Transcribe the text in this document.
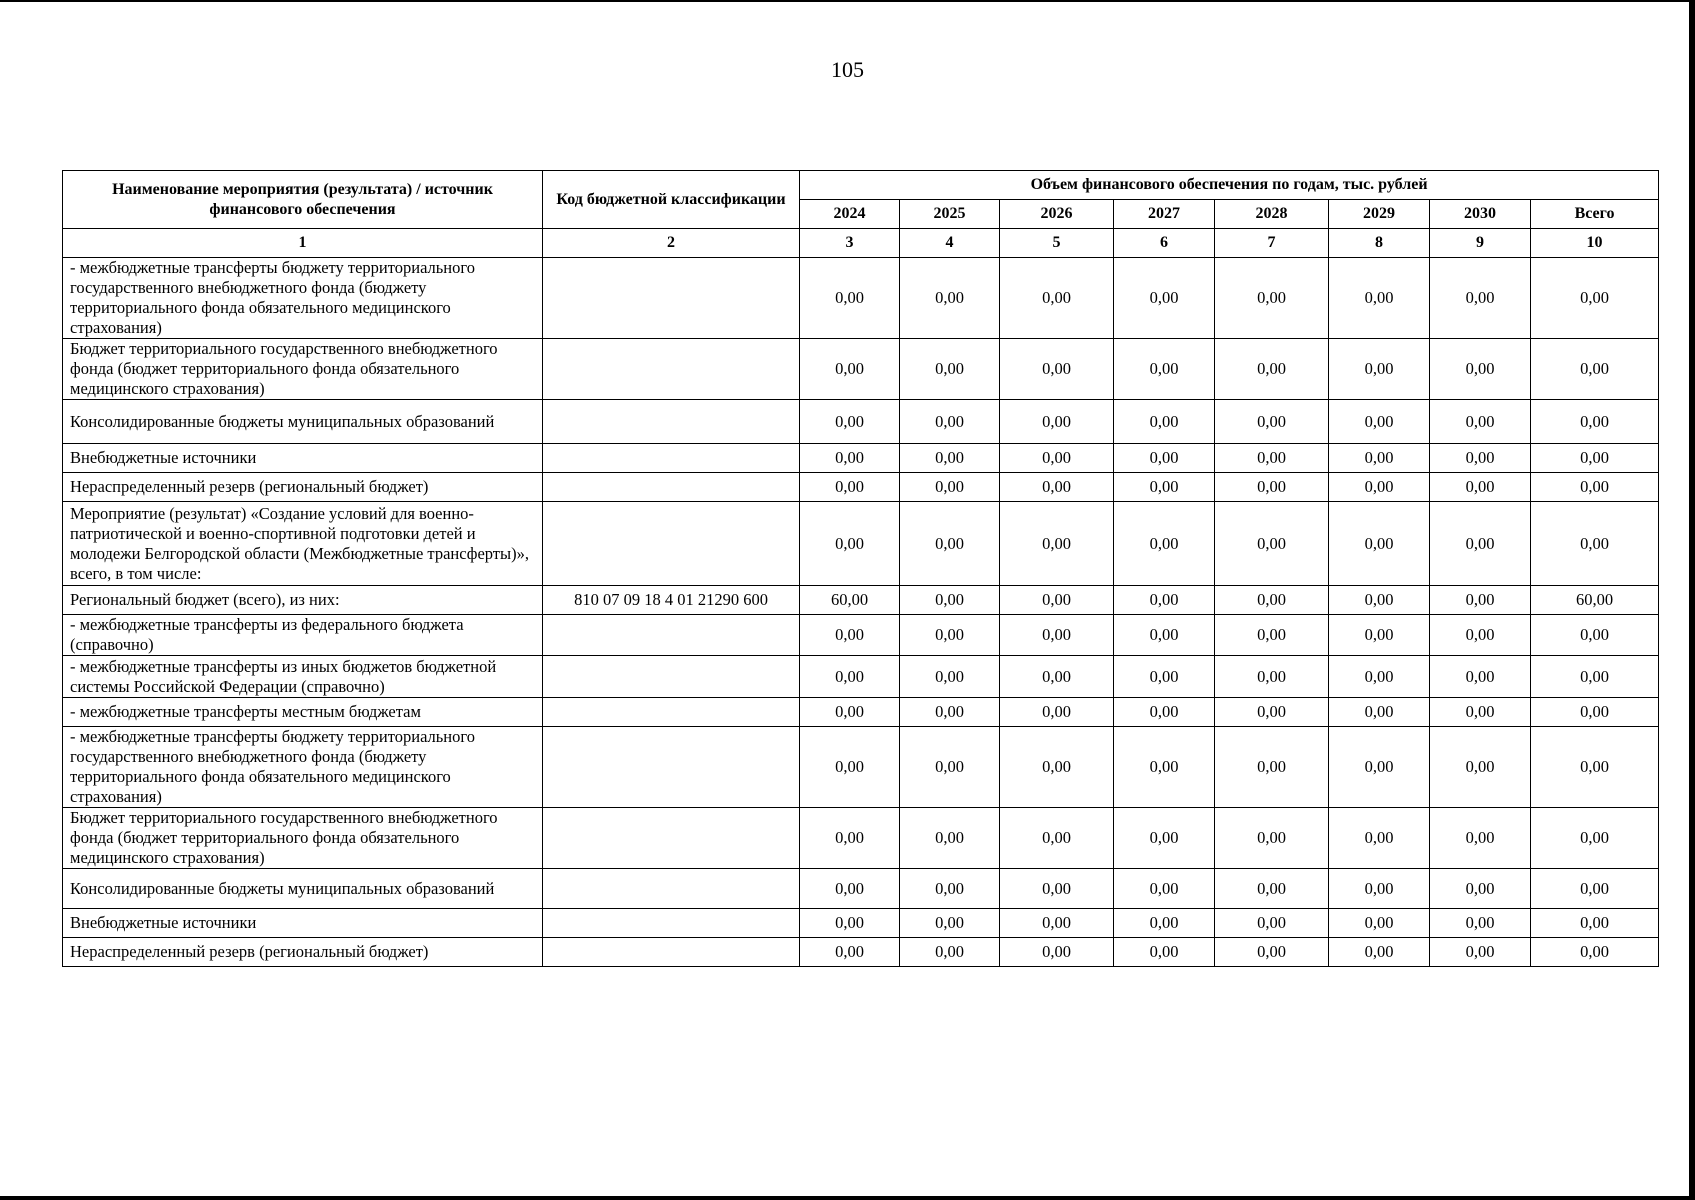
105
Наименование мероприятия (результата) / источник финансового обеспечения	Код бюджетной классификации	Объем финансового обеспечения по годам, тыс. рублей							
		2024	2025	2026	2027	2028	2029	2030	Всего
1	2	3	4	5	6	7	8	9	10
- межбюджетные трансферты бюджету территориального государственного внебюджетного фонда (бюджету территориального фонда обязательного медицинского страхования)		0,00	0,00	0,00	0,00	0,00	0,00	0,00	0,00
Бюджет территориального государственного внебюджетного фонда (бюджет территориального фонда обязательного медицинского страхования)		0,00	0,00	0,00	0,00	0,00	0,00	0,00	0,00
Консолидированные бюджеты муниципальных образований		0,00	0,00	0,00	0,00	0,00	0,00	0,00	0,00
Внебюджетные источники		0,00	0,00	0,00	0,00	0,00	0,00	0,00	0,00
Нераспределенный резерв (региональный бюджет)		0,00	0,00	0,00	0,00	0,00	0,00	0,00	0,00
Мероприятие (результат) «Создание условий для военно-патриотической и военно-спортивной подготовки детей и молодежи Белгородской области (Межбюджетные трансферты)», всего, в том числе:		0,00	0,00	0,00	0,00	0,00	0,00	0,00	0,00
Региональный бюджет (всего), из них:	810 07 09 18 4 01 21290 600	60,00	0,00	0,00	0,00	0,00	0,00	0,00	60,00
- межбюджетные трансферты из федерального бюджета (справочно)		0,00	0,00	0,00	0,00	0,00	0,00	0,00	0,00
- межбюджетные трансферты из иных бюджетов бюджетной системы Российской Федерации (справочно)		0,00	0,00	0,00	0,00	0,00	0,00	0,00	0,00
- межбюджетные трансферты местным бюджетам		0,00	0,00	0,00	0,00	0,00	0,00	0,00	0,00
- межбюджетные трансферты бюджету территориального государственного внебюджетного фонда (бюджету территориального фонда обязательного медицинского страхования)		0,00	0,00	0,00	0,00	0,00	0,00	0,00	0,00
Бюджет территориального государственного внебюджетного фонда (бюджет территориального фонда обязательного медицинского страхования)		0,00	0,00	0,00	0,00	0,00	0,00	0,00	0,00
Консолидированные бюджеты муниципальных образований		0,00	0,00	0,00	0,00	0,00	0,00	0,00	0,00
Внебюджетные источники		0,00	0,00	0,00	0,00	0,00	0,00	0,00	0,00
Нераспределенный резерв (региональный бюджет)		0,00	0,00	0,00	0,00	0,00	0,00	0,00	0,00
